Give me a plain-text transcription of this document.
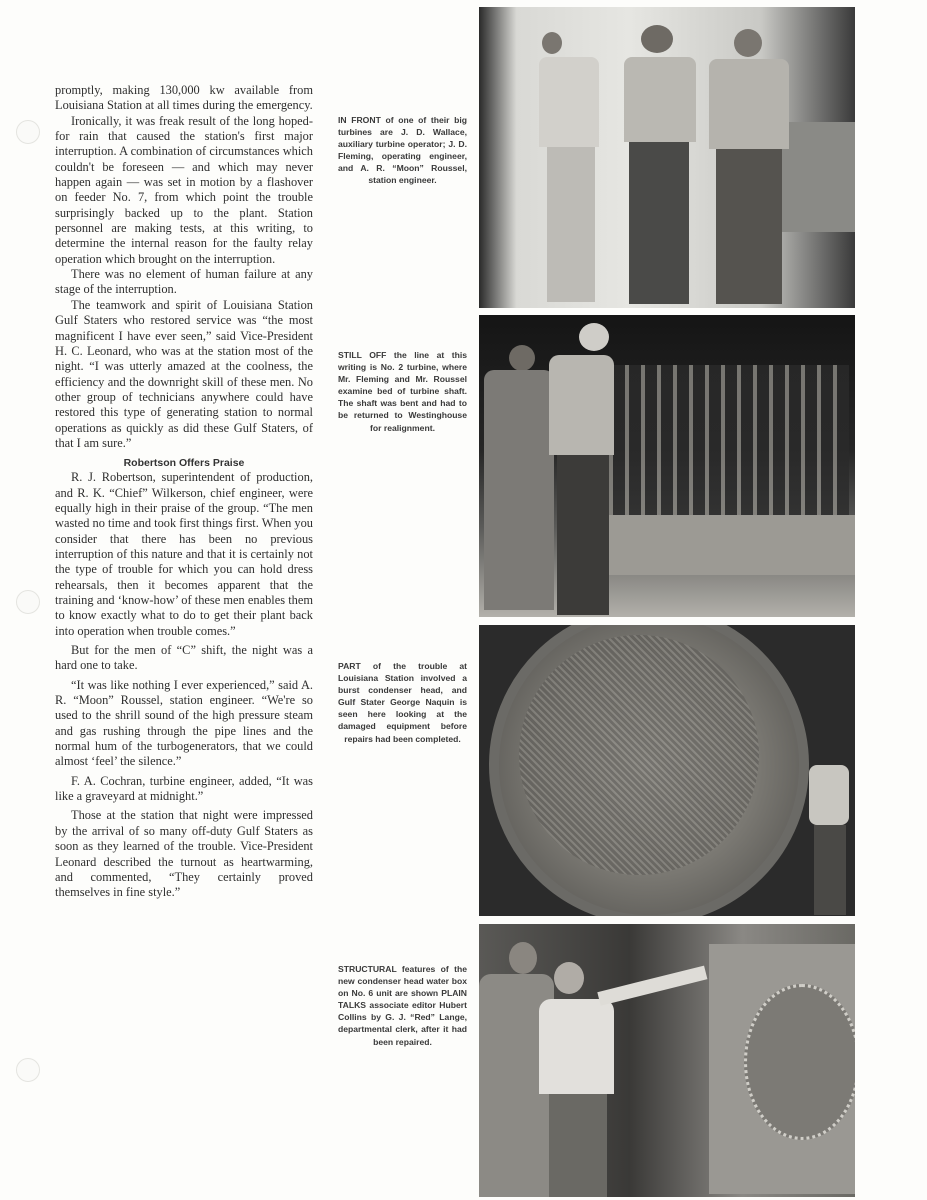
promptly, making 130,000 kw available from Louisiana Station at all times during the emergency.

Ironically, it was freak result of the long hoped-for rain that caused the station's first major interruption. A combination of circumstances which couldn't be foreseen — and which may never happen again — was set in motion by a flashover on feeder No. 7, from which point the trouble surprisingly backed up to the plant. Station personnel are making tests, at this writing, to determine the internal reason for the faulty relay operation which brought on the interruption.

There was no element of human failure at any stage of the interruption.

The teamwork and spirit of Louisiana Station Gulf Staters who restored service was “the most magnificent I have ever seen,” said Vice-President H. C. Leonard, who was at the station most of the night. “I was utterly amazed at the coolness, the efficiency and the downright skill of these men. No other group of technicians anywhere could have restored this type of generating station to normal operations as quickly as did these Gulf Staters, of that I am sure.”

Robertson Offers Praise

R. J. Robertson, superintendent of production, and R. K. “Chief” Wilkerson, chief engineer, were equally high in their praise of the group. “The men wasted no time and took first things first. When you consider that there has been no previous interruption of this nature and that it is certainly not the type of trouble for which you can hold dress rehearsals, then it becomes apparent that the training and ‘know-how’ of these men enables them to know exactly what to do to get their plant back into operation when trouble comes.”

But for the men of “C” shift, the night was a hard one to take.

“It was like nothing I ever experienced,” said A. R. “Moon” Roussel, station engineer. “We're so used to the shrill sound of the high pressure steam and gas rushing through the pipe lines and the normal hum of the turbogenerators, that we could almost ‘feel’ the silence.”

F. A. Cochran, turbine engineer, added, “It was like a graveyard at midnight.”

Those at the station that night were impressed by the arrival of so many off-duty Gulf Staters as soon as they learned of the trouble. Vice-President Leonard described the turnout as heartwarming, and commented, “They certainly proved themselves in fine style.”

IN FRONT of one of their big turbines are J. D. Wallace, auxiliary turbine operator; J. D. Fleming, operating engineer, and A. R. “Moon” Roussel, station engineer.
STILL OFF the line at this writing is No. 2 turbine, where Mr. Fleming and Mr. Roussel examine bed of turbine shaft. The shaft was bent and had to be returned to Westinghouse for realignment.
PART of the trouble at Louisiana Station involved a burst condenser head, and Gulf Stater George Naquin is seen here looking at the damaged equipment before repairs had been completed.
STRUCTURAL features of the new condenser head water box on No. 6 unit are shown PLAIN TALKS associate editor Hubert Collins by G. J. “Red” Lange, departmental clerk, after it had been repaired.
